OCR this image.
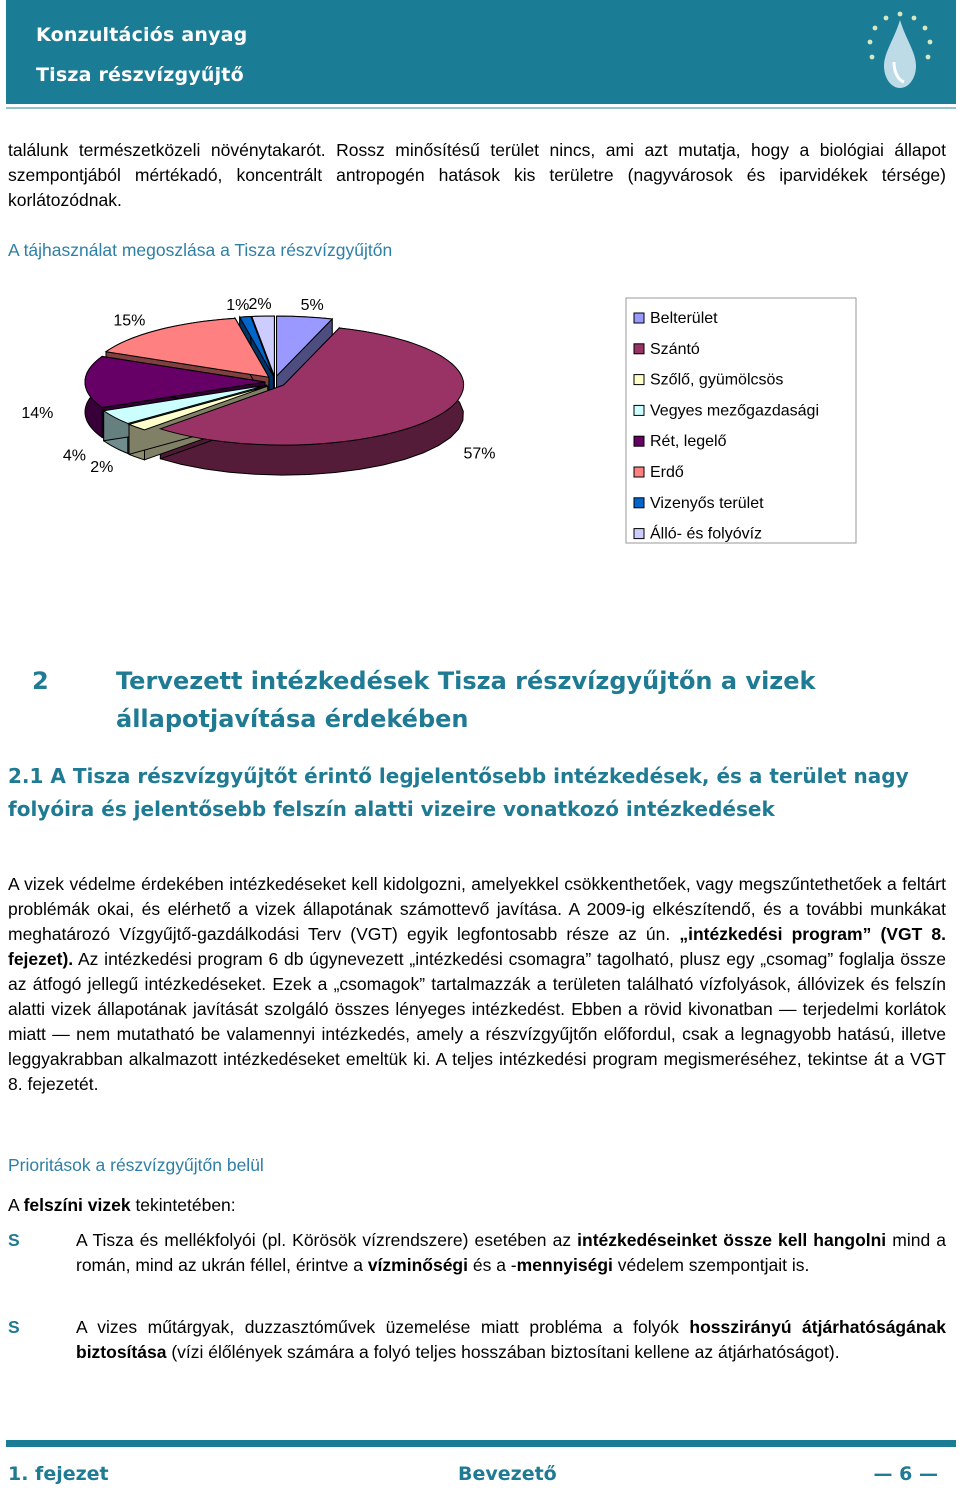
Konzultációs anyag
Tisza részvízgyűjtő
találunk természetközeli növénytakarót. Rossz minősítésű terület nincs, ami azt mutatja, hogy a biológiai állapot szempontjából mértékadó, koncentrált antropogén hatások kis területre (nagyvárosok és iparvidékek térsége) korlátozódnak.
A tájhasználat megoszlása a Tisza részvízgyűjtőn
5%
57%
2%
4%
14%
15%
1% 2%
Belterület
Szántó
Szőlő, gyümölcsös
Vegyes mezőgazdasági
Rét, legelő
Erdő
Vizenyős terület
Álló- és folyóvíz
2	Tervezett intézkedések Tisza részvízgyűjtőn a vizek állapotjavítása érdekében
2.1 A Tisza részvízgyűjtőt érintő legjelentősebb intézkedések, és a terület nagy folyóira és jelentősebb felszín alatti vizeire vonatkozó intézkedések
A vizek védelme érdekében intézkedéseket kell kidolgozni, amelyekkel csökkenthetőek, vagy megszűntethetőek a feltárt problémák okai, és elérhető a vizek állapotának számottevő javítása. A 2009-ig elkészítendő, és a további munkákat meghatározó Vízgyűjtő-gazdálkodási Terv (VGT) egyik legfontosabb része az ún. „intézkedési program” (VGT 8. fejezet). Az intézkedési program 6 db úgynevezett „intézkedési csomagra” tagolható, plusz egy „csomag” foglalja össze az átfogó jellegű intézkedéseket. Ezek a „csomagok” tartalmazzák a területen található vízfolyások, állóvizek és felszín alatti vizek állapotának javítását szolgáló összes lényeges intézkedést. Ebben a rövid kivonatban — terjedelmi korlátok miatt — nem mutatható be valamennyi intézkedés, amely a részvízgyűjtőn előfordul, csak a legnagyobb hatású, illetve leggyakrabban alkalmazott intézkedéseket emeltük ki. A teljes intézkedési program megismeréséhez, tekintse át a VGT 8. fejezetét.
Prioritások a részvízgyűjtőn belül
A felszíni vizek tekintetében:
S	A Tisza és mellékfolyói (pl. Körösök vízrendszere) esetében az intézkedéseinket össze kell hangolni mind a román, mind az ukrán féllel, érintve a vízminőségi és a -mennyiségi védelem szempontjait is.
S	A vizes műtárgyak, duzzasztóművek üzemelése miatt probléma a folyók hosszirányú átjárhatóságának biztosítása (vízi élőlények számára a folyó teljes hosszában biztosítani kellene az átjárhatóságot).
1. fejezet	Bevezető	— 6 —
